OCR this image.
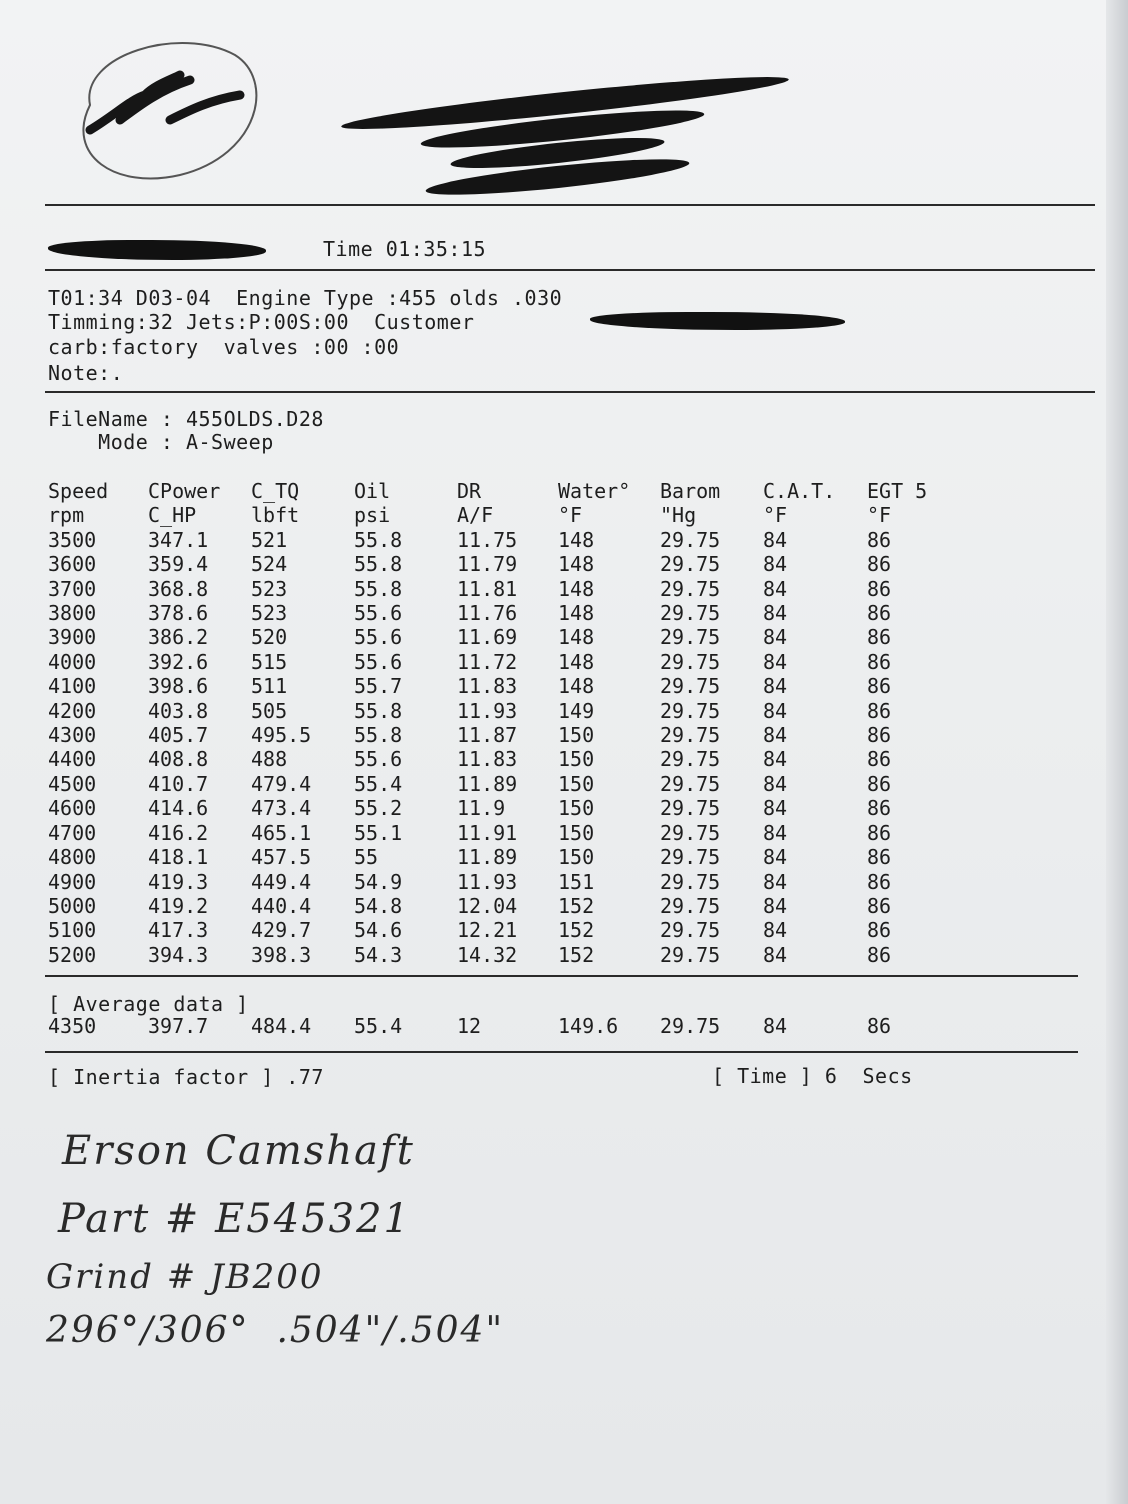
Time 01:35:15
T01:34 D03-04  Engine Type :455 olds .030
Timming:32 Jets:P:00S:00  Customer
carb:factory  valves :00 :00
Note:.
FileName : 455OLDS.D28
Mode : A-Sweep
Speed	CPower	C_TQ	Oil	DR	Water°	Barom	C.A.T.	EGT 5
rpm	C_HP	lbft	psi	A/F	°F	"Hg	°F	°F
3500	347.1	521	55.8	11.75	148	29.75	84	86
3600	359.4	524	55.8	11.79	148	29.75	84	86
3700	368.8	523	55.8	11.81	148	29.75	84	86
3800	378.6	523	55.6	11.76	148	29.75	84	86
3900	386.2	520	55.6	11.69	148	29.75	84	86
4000	392.6	515	55.6	11.72	148	29.75	84	86
4100	398.6	511	55.7	11.83	148	29.75	84	86
4200	403.8	505	55.8	11.93	149	29.75	84	86
4300	405.7	495.5	55.8	11.87	150	29.75	84	86
4400	408.8	488	55.6	11.83	150	29.75	84	86
4500	410.7	479.4	55.4	11.89	150	29.75	84	86
4600	414.6	473.4	55.2	11.9	150	29.75	84	86
4700	416.2	465.1	55.1	11.91	150	29.75	84	86
4800	418.1	457.5	55	11.89	150	29.75	84	86
4900	419.3	449.4	54.9	11.93	151	29.75	84	86
5000	419.2	440.4	54.8	12.04	152	29.75	84	86
5100	417.3	429.7	54.6	12.21	152	29.75	84	86
5200	394.3	398.3	54.3	14.32	152	29.75	84	86
[ Average data ]
4350	397.7	484.4	55.4	12	149.6	29.75	84	86
[ Inertia factor ] .77	[ Time ] 6  Secs
Erson Camshaft
Part # E545321
Grind # JB200
296°/306°  .504"/.504"
